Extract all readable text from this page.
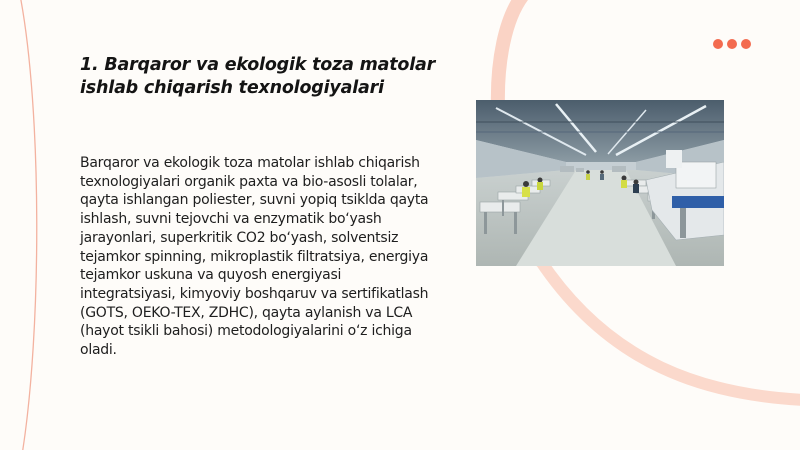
1. Barqaror va ekologik toza matolar ishlab chiqarish texnologiyalari
Barqaror va ekologik toza matolar ishlab chiqarish texnologiyalari organik paxta va bio-asosli tolalar, qayta ishlangan poliester, suvni yopiq tsiklda qayta ishlash, suvni tejovchi va enzymatik bo‘yash jarayonlari, superkritik CO2 bo‘yash, solventsiz tejamkor spinning, mikroplastik filtratsiya, energiya tejamkor uskuna va quyosh energiyasi integratsiyasi, kimyoviy boshqaruv va sertifikatlash (GOTS, OEKO-TEX, ZDHC), qayta aylanish va LCA (hayot tsikli bahosi) metodologiyalarini o‘z ichiga oladi.
